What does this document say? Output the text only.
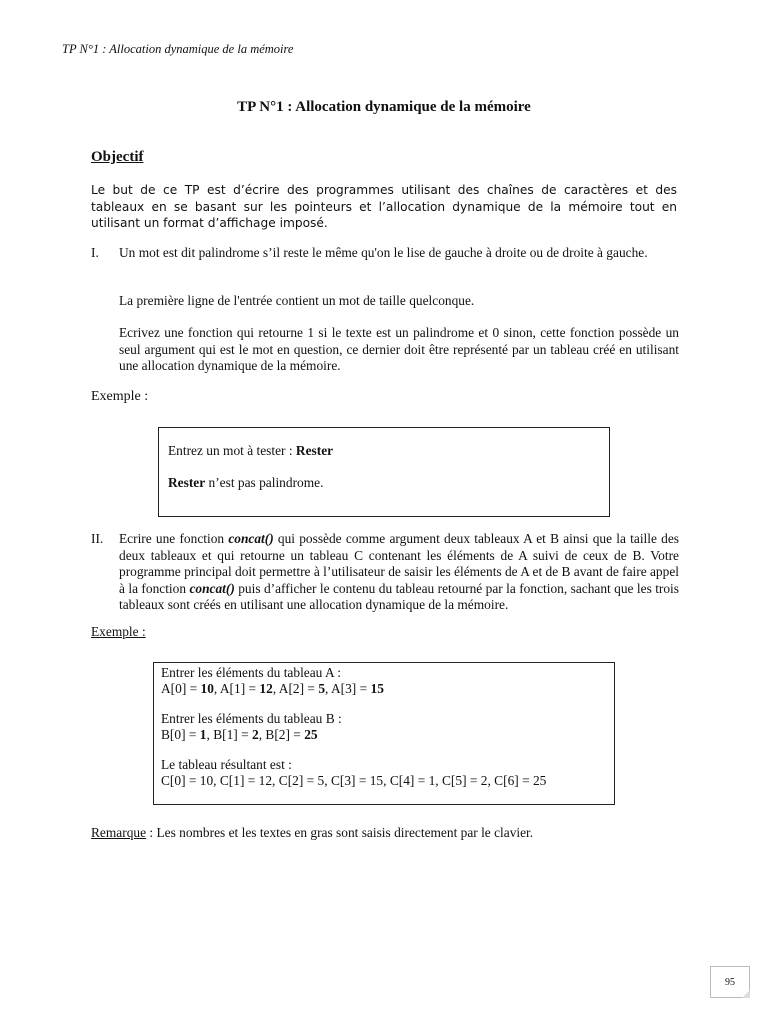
TP N°1 : Allocation dynamique de la mémoire
TP N°1 : Allocation dynamique de la mémoire
Objectif
Le but de ce TP est d’écrire des programmes utilisant des chaînes de caractères et des tableaux en se basant sur les pointeurs et l’allocation dynamique de la mémoire tout en utilisant un format d’affichage imposé.
I. Un mot est dit palindrome s’il reste le même qu'on le lise de gauche à droite ou de droite à gauche.
La première ligne de l'entrée contient un mot de taille quelconque.
Ecrivez une fonction qui retourne 1 si le texte est un palindrome et 0 sinon, cette fonction possède un seul argument qui est le mot en question, ce dernier doit être représenté par un tableau créé en utilisant une allocation dynamique de la mémoire.
Exemple :
Entrez un mot à tester : Rester
Rester n’est pas palindrome.
II. Ecrire une fonction concat() qui possède comme argument deux tableaux A et B ainsi que la taille des deux tableaux et qui retourne un tableau C contenant les éléments de A suivi de ceux de B. Votre programme principal doit permettre à l’utilisateur de saisir les éléments de A et de B avant de faire appel à la fonction concat() puis d’afficher le contenu du tableau retourné par la fonction, sachant que les trois tableaux sont créés en utilisant une allocation dynamique de la mémoire.
Exemple :
Entrer les éléments du tableau A :
A[0] = 10, A[1] = 12, A[2] = 5, A[3] = 15
Entrer les éléments du tableau B :
B[0] = 1, B[1] = 2, B[2] = 25
Le tableau résultant est :
C[0] = 10, C[1] = 12, C[2] = 5, C[3] = 15, C[4] = 1, C[5] = 2, C[6] = 25
Remarque : Les nombres et les textes en gras sont saisis directement par le clavier.
95
